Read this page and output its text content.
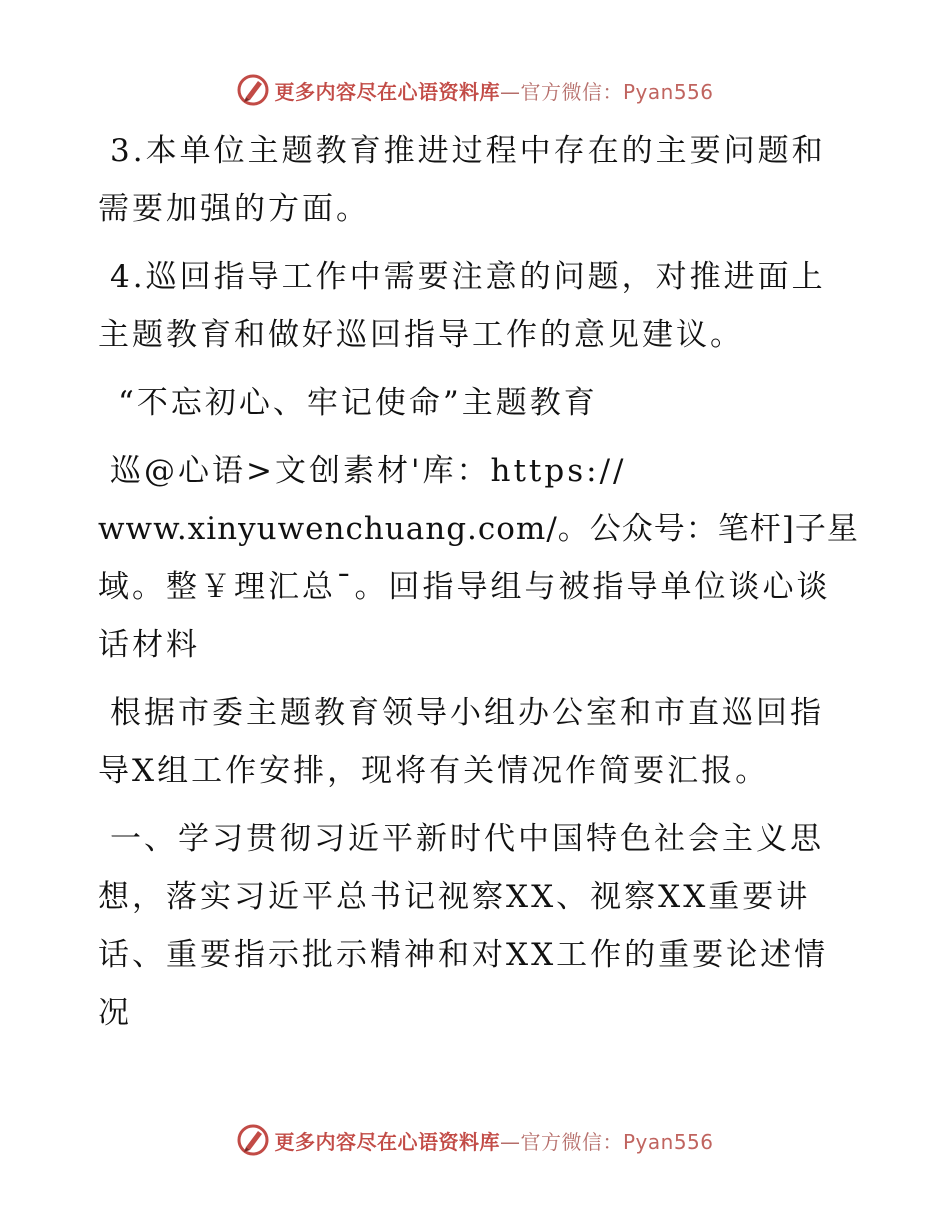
更多内容尽在心语资料库—官方微信：Pyan556

3.本单位主题教育推进过程中存在的主要问题和
需要加强的方面。

4.巡回指导工作中需要注意的问题，对推进面上
主题教育和做好巡回指导工作的意见建议。

“不忘初心、牢记使命”主题教育

巡@心语>文创素材'库：https://
www.xinyuwenchuang.com/。公众号：笔杆]子星
域。整￥理汇总¯。回指导组与被指导单位谈心谈
话材料

根据市委主题教育领导小组办公室和市直巡回指
导X组工作安排，现将有关情况作简要汇报。

一、学习贯彻习近平新时代中国特色社会主义思
想，落实习近平总书记视察XX、视察XX重要讲
话、重要指示批示精神和对XX工作的重要论述情
况

更多内容尽在心语资料库—官方微信：Pyan556
